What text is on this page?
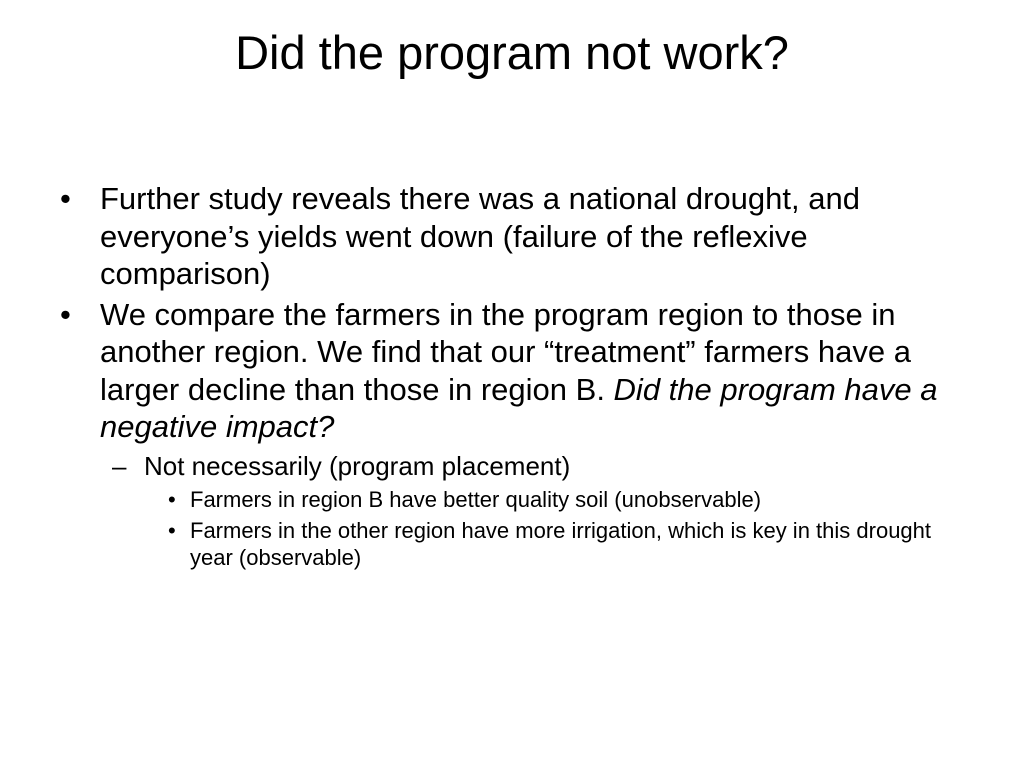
Did the program not work?
• Further study reveals there was a national drought, and everyone’s yields went down (failure of the reflexive comparison)
• We compare the farmers in the program region to those in another region. We find that our “treatment” farmers have a larger decline than those in region B. Did the program have a negative impact?
– Not necessarily (program placement)
• Farmers in region B have better quality soil (unobservable)
• Farmers in the other region have more irrigation, which is key in this drought year (observable)
